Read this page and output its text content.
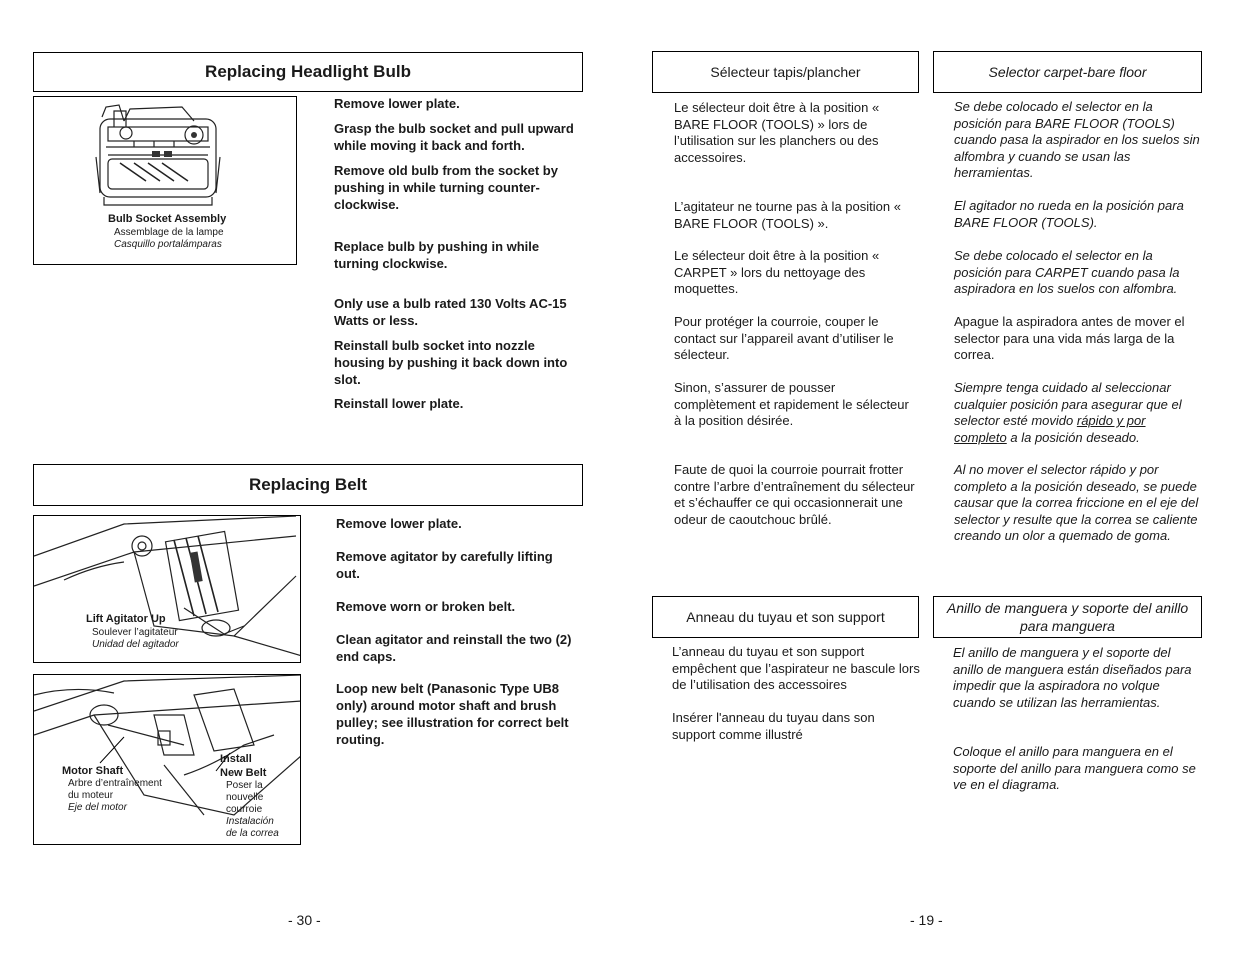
Replacing Headlight Bulb
Bulb Socket Assembly
Assemblage de la lampe
Casquillo portalámparas
Remove lower plate.
Grasp the bulb socket and pull upward while moving it back and forth.
Remove old bulb from the socket by pushing in while turning counter-clockwise.
Replace bulb by pushing in while turning clockwise.
Only use a bulb rated 130 Volts AC-15 Watts or less.
Reinstall bulb socket into nozzle housing by pushing it back down into slot.
Reinstall lower plate.
Replacing Belt
Lift Agitator Up
Soulever l’agitateur
Unidad del agitador
Motor Shaft
Arbre d’entraînement
du moteur
Eje del motor
Install
New Belt
Poser la
nouvelle
courroie
Instalación
de la correa
Remove lower plate.
Remove agitator by carefully lifting out.
Remove worn or broken belt.
Clean agitator and reinstall the two (2) end caps.
Loop new belt (Panasonic Type UB8 only) around motor shaft and brush pulley; see illustration for correct belt routing.
- 30 -
Sélecteur tapis/plancher	Selector carpet-bare floor
Le sélecteur doit être à la position « BARE FLOOR (TOOLS) » lors de l’utilisation sur les planchers ou des accessoires.
L’agitateur ne tourne pas à la position « BARE FLOOR (TOOLS) ».
Le sélecteur doit être à la position « CARPET » lors du nettoyage des moquettes.
Pour protéger la courroie, couper le contact sur l’appareil avant d’utiliser le sélecteur.
Sinon, s’assurer de pousser complètement et rapidement le sélecteur à la position désirée.
Faute de quoi la courroie pourrait frotter contre l’arbre d’entraînement du sélecteur et s’échauffer ce qui occasionnerait une odeur de caoutchouc brûlé.
Se debe colocado el selector en la posición para BARE FLOOR (TOOLS) cuando pasa la aspirador en los suelos sin alfombra y cuando se usan las herramientas.
El agitador no rueda en la posición para BARE FLOOR (TOOLS).
Se debe colocado el selector en la posición para CARPET cuando pasa la aspiradora en los suelos con alfombra.
Apague la aspiradora antes de mover el selector para una vida más larga de la correa.
Siempre tenga cuidado al seleccionar cualquier posición para asegurar que el selector esté movido rápido y por completo a la posición deseado.
Al no mover el selector rápido y por completo a la posición deseado, se puede causar que la correa friccione en el eje del selector y resulte que la correa se caliente creando un olor a quemado de goma.
Anneau du tuyau et son support
Anillo de manguera y soporte del anillo para manguera
L’anneau du tuyau et son support empêchent que l’aspirateur ne bascule lors de l’utilisation des accessoires
Insérer l'anneau du tuyau dans son support comme illustré
El anillo de manguera y el soporte del anillo de manguera están diseñados para impedir que la aspiradora no volque cuando se utilizan las herramientas.
Coloque el anillo para manguera en el soporte del anillo para manguera como se ve en el diagrama.
- 19 -
